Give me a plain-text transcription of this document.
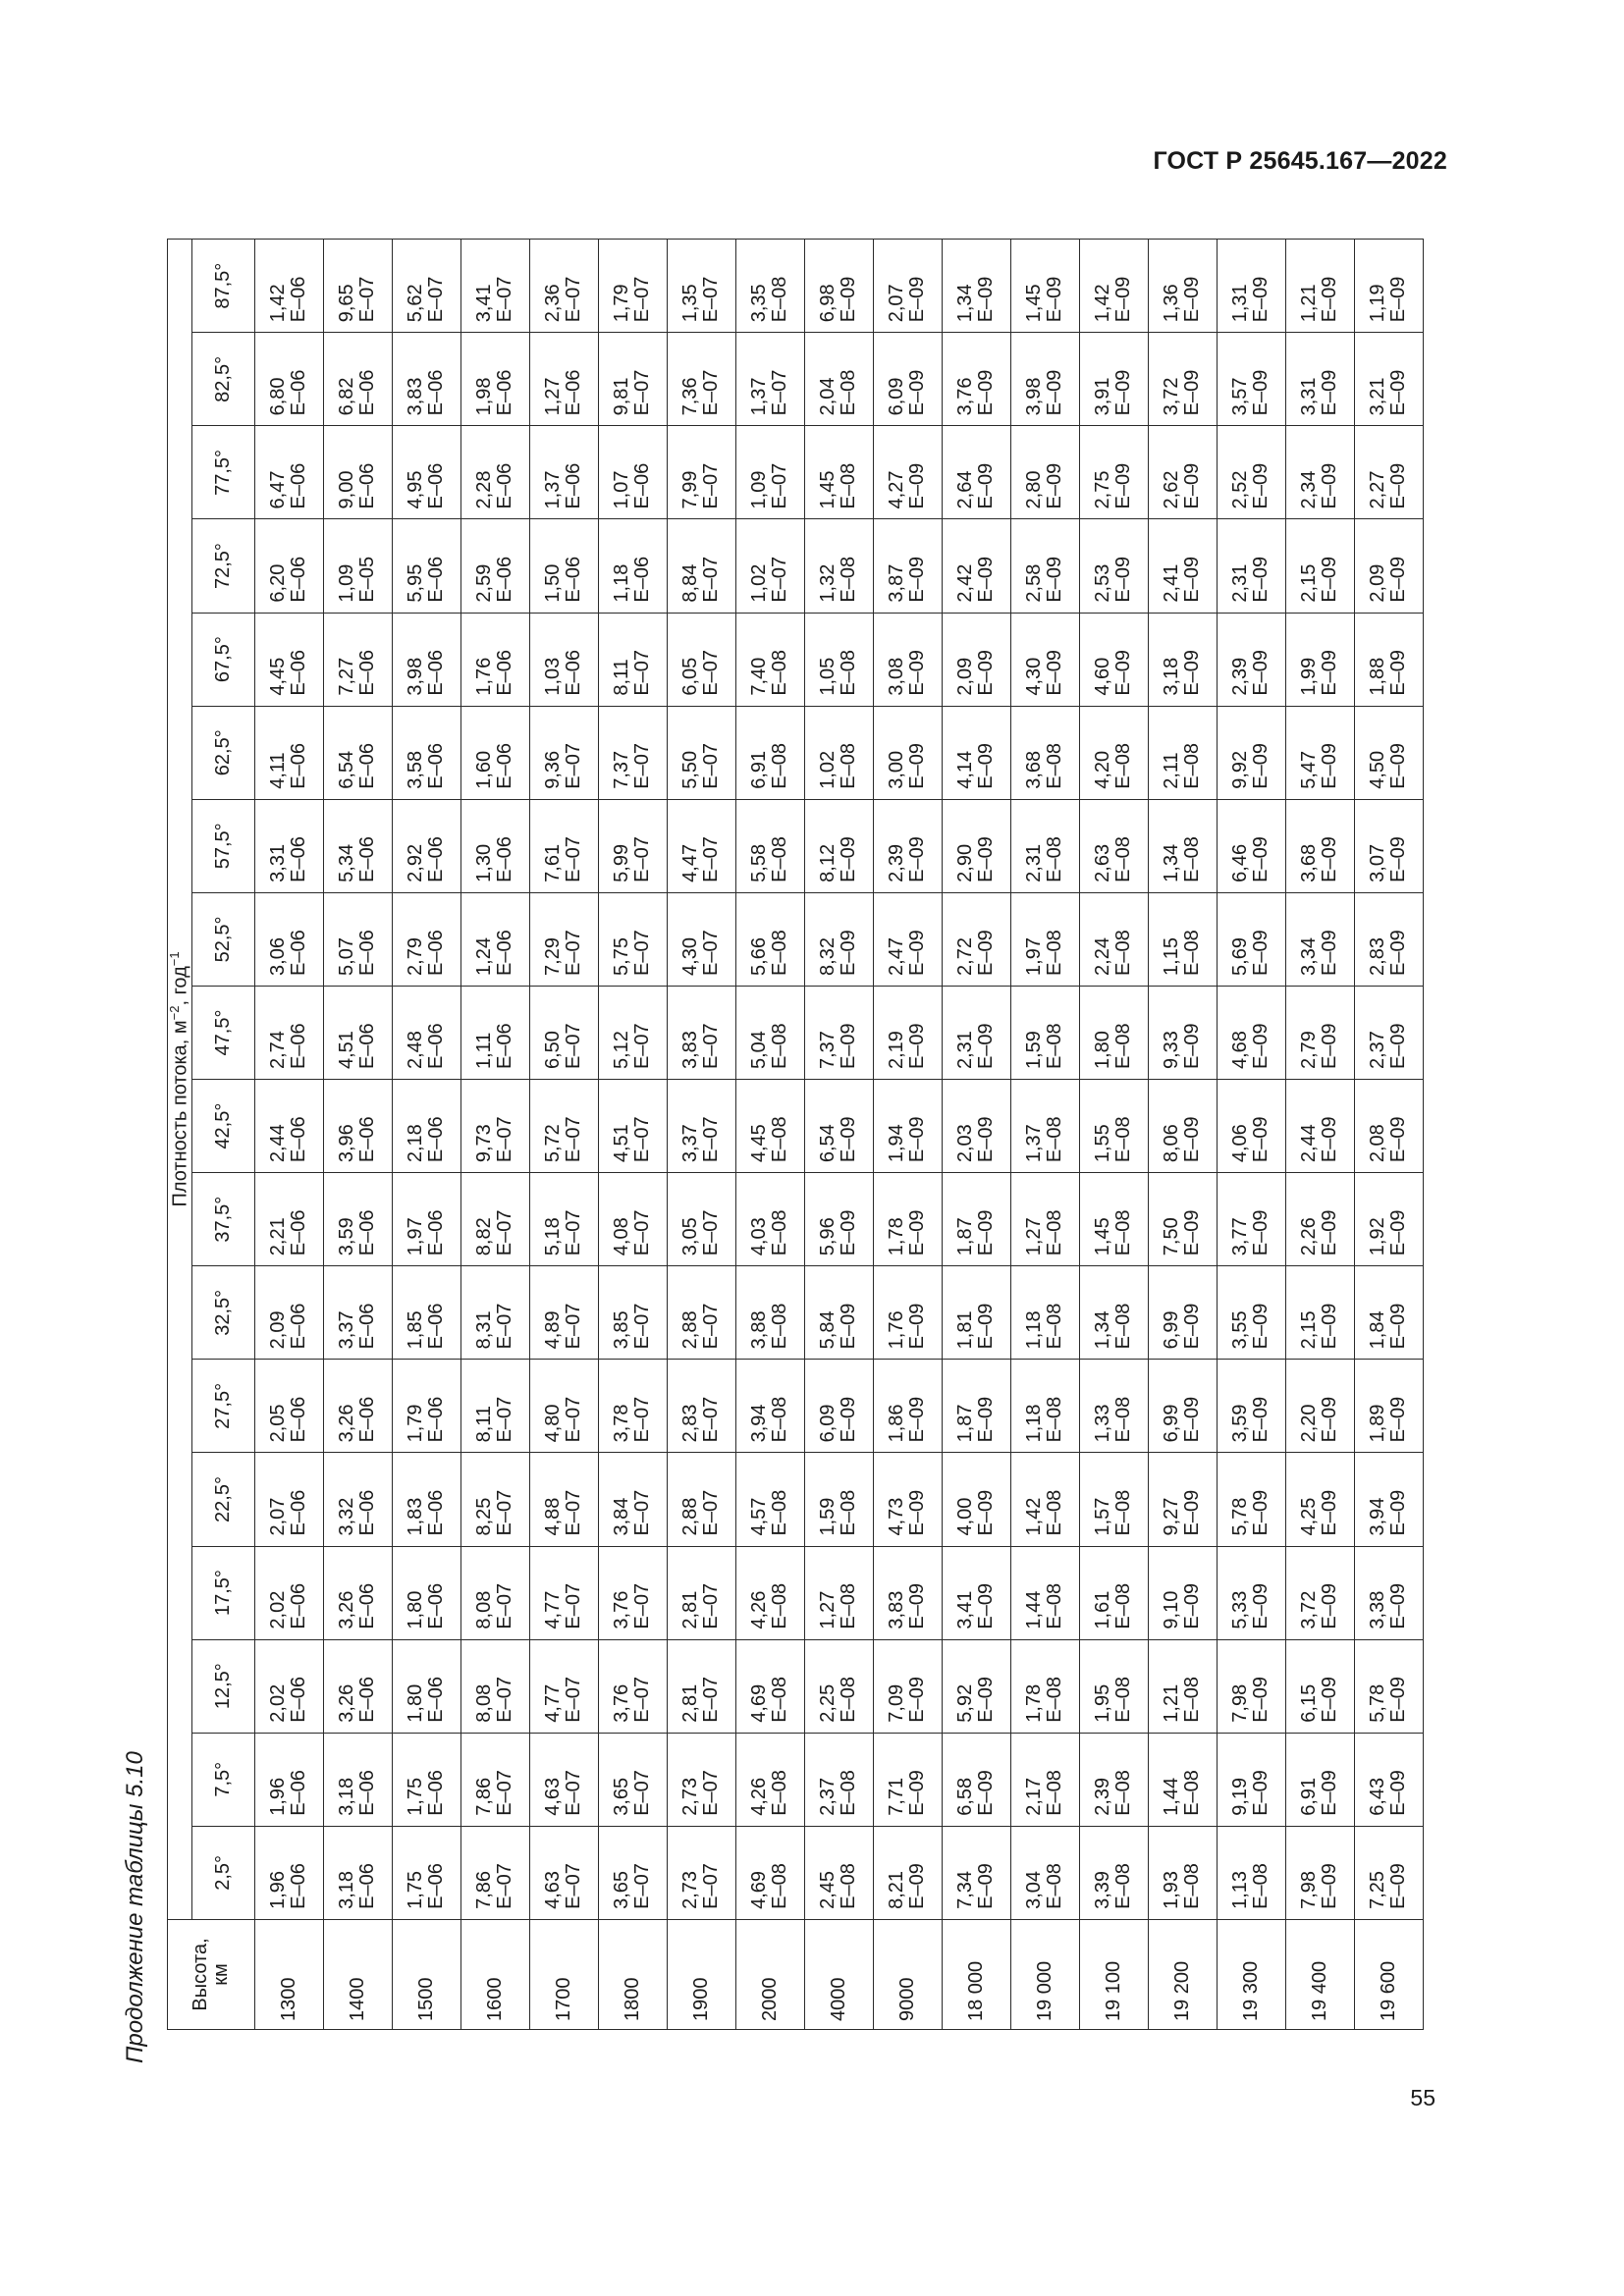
ГОСТ Р 25645.167—2022

Продолжение таблицы 5.10 Высота,
км	Плотность потока, $м^{-2}$, год$^{-1}$
	2,5°	7,5°	12,5°	17,5°	22,5°	27,5°	32,5°	37,5°	42,5°	47,5°	52,5°	57,5°	62,5°	67,5°	72,5°	77,5°	82,5°	87,5°
1300	1,96 E–06	1,96 E–06	2,02 E–06	2,02 E–06	2,07 E–06	2,05 E–06	2,09 E–06	2,21 E–06	2,44 E–06	2,74 E–06	3,06 E–06	3,31 E–06	4,11 E–06	4,45 E–06	6,20 E–06	6,47 E–06	6,80 E–06	1,42 E–06

1400	3,18 E–06	3,18 E–06	3,26 E–06	3,26 E–06	3,32 E–06	3,26 E–06	3,37 E–06	3,59 E–06	3,96 E–06	4,51 E–06	5,07 E–06	5,34 E–06	6,54 E–06	7,27 E–06	1,09 E–05	9,00 E–06	6,82 E–06	9,65 E–07

1500	1,75 E–06	1,75 E–06	1,80 E–06	1,80 E–06	1,83 E–06	1,79 E–06	1,85 E–06	1,97 E–06	2,18 E–06	2,48 E–06	2,79 E–06	2,92 E–06	3,58 E–06	3,98 E–06	5,95 E–06	4,95 E–06	3,83 E–06	5,62 E–07

1600	7,86 E–07	7,86 E–07	8,08 E–07	8,08 E–07	8,25 E–07	8,11 E–07	8,31 E–07	8,82 E–07	9,73 E–07	1,11 E–06	1,24 E–06	1,30 E–06	1,60 E–06	1,76 E–06	2,59 E–06	2,28 E–06	1,98 E–06	3,41 E–07

1700	4,63 E–07	4,63 E–07	4,77 E–07	4,77 E–07	4,88 E–07	4,80 E–07	4,89 E–07	5,18 E–07	5,72 E–07	6,50 E–07	7,29 E–07	7,61 E–07	9,36 E–07	1,03 E–06	1,50 E–06	1,37 E–06	1,27 E–06	2,36 E–07

1800	3,65 E–07	3,65 E–07	3,76 E–07	3,76 E–07	3,84 E–07	3,78 E–07	3,85 E–07	4,08 E–07	4,51 E–07	5,12 E–07	5,75 E–07	5,99 E–07	7,37 E–07	8,11 E–07	1,18 E–06	1,07 E–06	9,81 E–07	1,79 E–07

1900	2,73 E–07	2,73 E–07	2,81 E–07	2,81 E–07	2,88 E–07	2,83 E–07	2,88 E–07	3,05 E–07	3,37 E–07	3,83 E–07	4,30 E–07	4,47 E–07	5,50 E–07	6,05 E–07	8,84 E–07	7,99 E–07	7,36 E–07	1,35 E–07

2000	4,69 E–08	4,26 E–08	4,69 E–08	4,26 E–08	4,57 E–08	3,94 E–08	3,88 E–08	4,03 E–08	4,45 E–08	5,04 E–08	5,66 E–08	5,58 E–08	6,91 E–08	7,40 E–08	1,02 E–07	1,09 E–07	1,37 E–07	3,35 E–08

4000	2,45 E–08	2,37 E–08	2,25 E–08	1,27 E–08	1,59 E–08	6,09 E–09	5,84 E–09	5,96 E–09	6,54 E–09	7,37 E–09	8,32 E–09	8,12 E–09	1,02 E–08	1,05 E–08	1,32 E–08	1,45 E–08	2,04 E–08	6,98 E–09

9000	8,21 E–09	7,71 E–09	7,09 E–09	3,83 E–09	4,73 E–09	1,86 E–09	1,76 E–09	1,78 E–09	1,94 E–09	2,19 E–09	2,47 E–09	2,39 E–09	3,00 E–09	3,08 E–09	3,87 E–09	4,27 E–09	6,09 E–09	2,07 E–09

18 000	7,34 E–09	6,58 E–09	5,92 E–09	3,41 E–09	4,00 E–09	1,87 E–09	1,81 E–09	1,87 E–09	2,03 E–09	2,31 E–09	2,72 E–09	2,90 E–09	4,14 E–09	2,09 E–09	2,42 E–09	2,64 E–09	3,76 E–09	1,34 E–09

19 000	3,04 E–08	2,17 E–08	1,78 E–08	1,44 E–08	1,42 E–08	1,18 E–08	1,18 E–08	1,27 E–08	1,37 E–08	1,59 E–08	1,97 E–08	2,31 E–08	3,68 E–08	4,30 E–09	2,58 E–09	2,80 E–09	3,98 E–09	1,45 E–09

19 100	3,39 E–08	2,39 E–08	1,95 E–08	1,61 E–08	1,57 E–08	1,33 E–08	1,34 E–08	1,45 E–08	1,55 E–08	1,80 E–08	2,24 E–08	2,63 E–08	4,20 E–08	4,60 E–09	2,53 E–09	2,75 E–09	3,91 E–09	1,42 E–09

19 200	1,93 E–08	1,44 E–08	1,21 E–08	9,10 E–09	9,27 E–09	6,99 E–09	6,99 E–09	7,50 E–09	8,06 E–09	9,33 E–09	1,15 E–08	1,34 E–08	2,11 E–08	3,18 E–09	2,41 E–09	2,62 E–09	3,72 E–09	1,36 E–09

19 300	1,13 E–08	9,19 E–09	7,98 E–09	5,33 E–09	5,78 E–09	3,59 E–09	3,55 E–09	3,77 E–09	4,06 E–09	4,68 E–09	5,69 E–09	6,46 E–09	9,92 E–09	2,39 E–09	2,31 E–09	2,52 E–09	3,57 E–09	1,31 E–09

19 400	7,98 E–09	6,91 E–09	6,15 E–09	3,72 E–09	4,25 E–09	2,20 E–09	2,15 E–09	2,26 E–09	2,44 E–09	2,79 E–09	3,34 E–09	3,68 E–09	5,47 E–09	1,99 E–09	2,15 E–09	2,34 E–09	3,31 E–09	1,21 E–09

19 600	7,25 E–09	6,43 E–09	5,78 E–09	3,38 E–09	3,94 E–09	1,89 E–09	1,84 E–09	1,92 E–09	2,08 E–09	2,37 E–09	2,83 E–09	3,07 E–09	4,50 E–09	1,88 E–09	2,09 E–09	2,27 E–09	3,21 E–09	1,19 E–09

55
